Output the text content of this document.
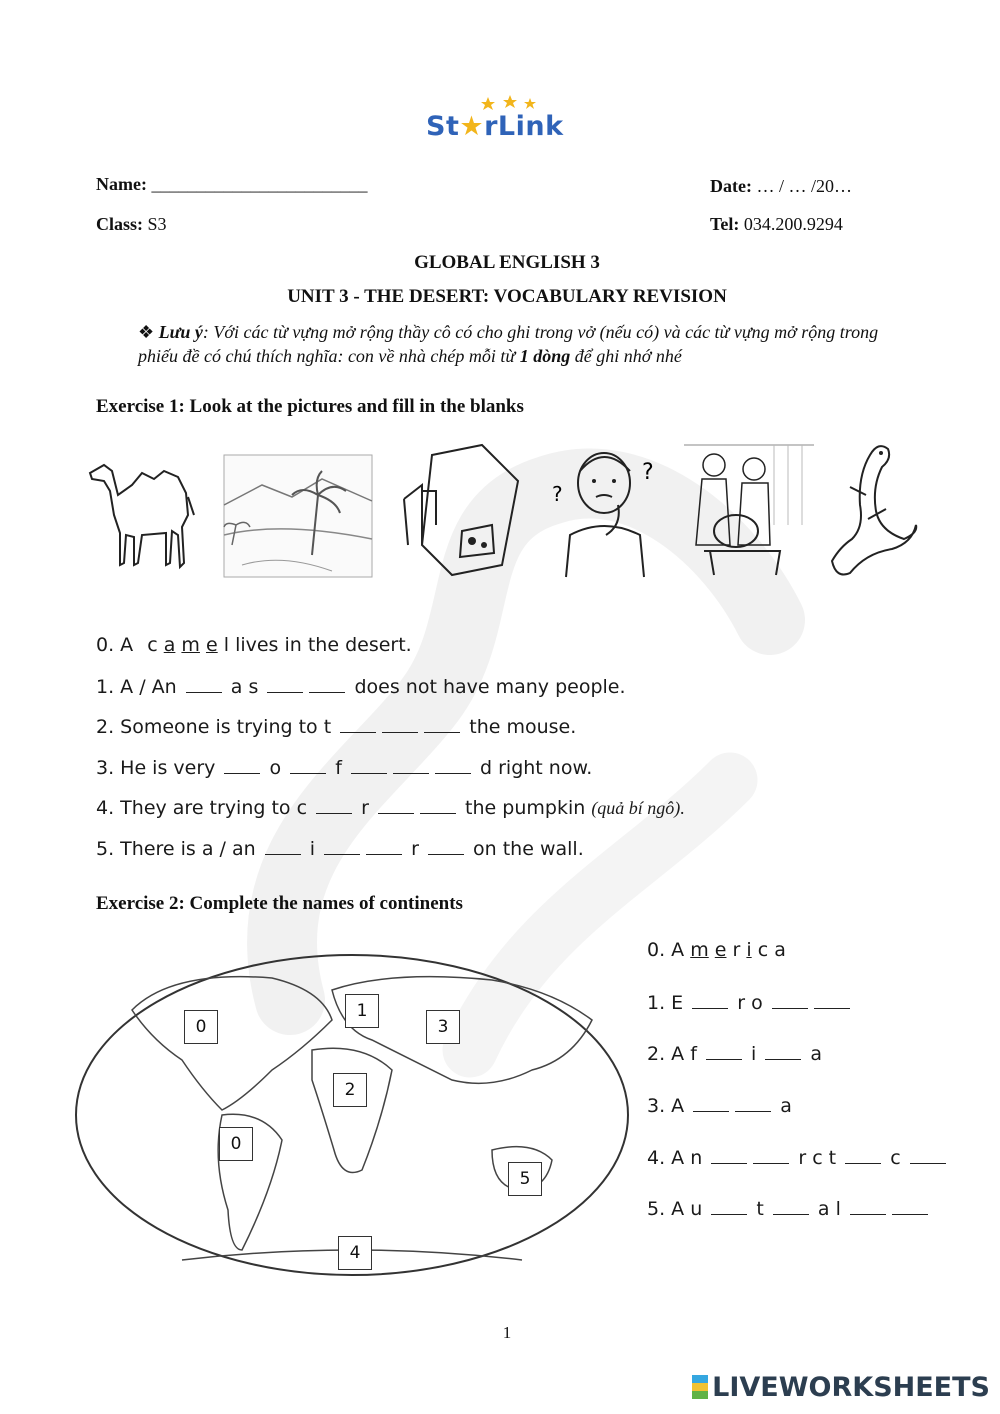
St★rLink
Name: ________________________	Date: … / … /20…
Class: S3	Tel: 034.200.9294
GLOBAL ENGLISH 3
UNIT 3 - THE DESERT: VOCABULARY REVISION
❖ Lưu ý: Với các từ vựng mở rộng thầy cô có cho ghi trong vở (nếu có) và các từ vựng mở rộng trong phiếu đề có chú thích nghĩa: con về nhà chép mỗi từ 1 dòng để ghi nhớ nhé
Exercise 1: Look at the pictures and fill in the blanks
?
?
0. A c a m e l lives in the desert.
1. A / An	a s	does not have many people.
2. Someone is trying to t	the mouse.
3. He is very	o	f	d right now.
4. They are trying to c	r	the pumpkin (quả bí ngô).
5. There is a / an	i	r	on the wall.
Exercise 2: Complete the names of continents
0
1
3
2
0
5
4
0. A m e r i c a
1. E	r o
2. A f	i	a
3. A	a
4. A n	r c t	c
5. A u	t	a l
1
LIVEWORKSHEETS
